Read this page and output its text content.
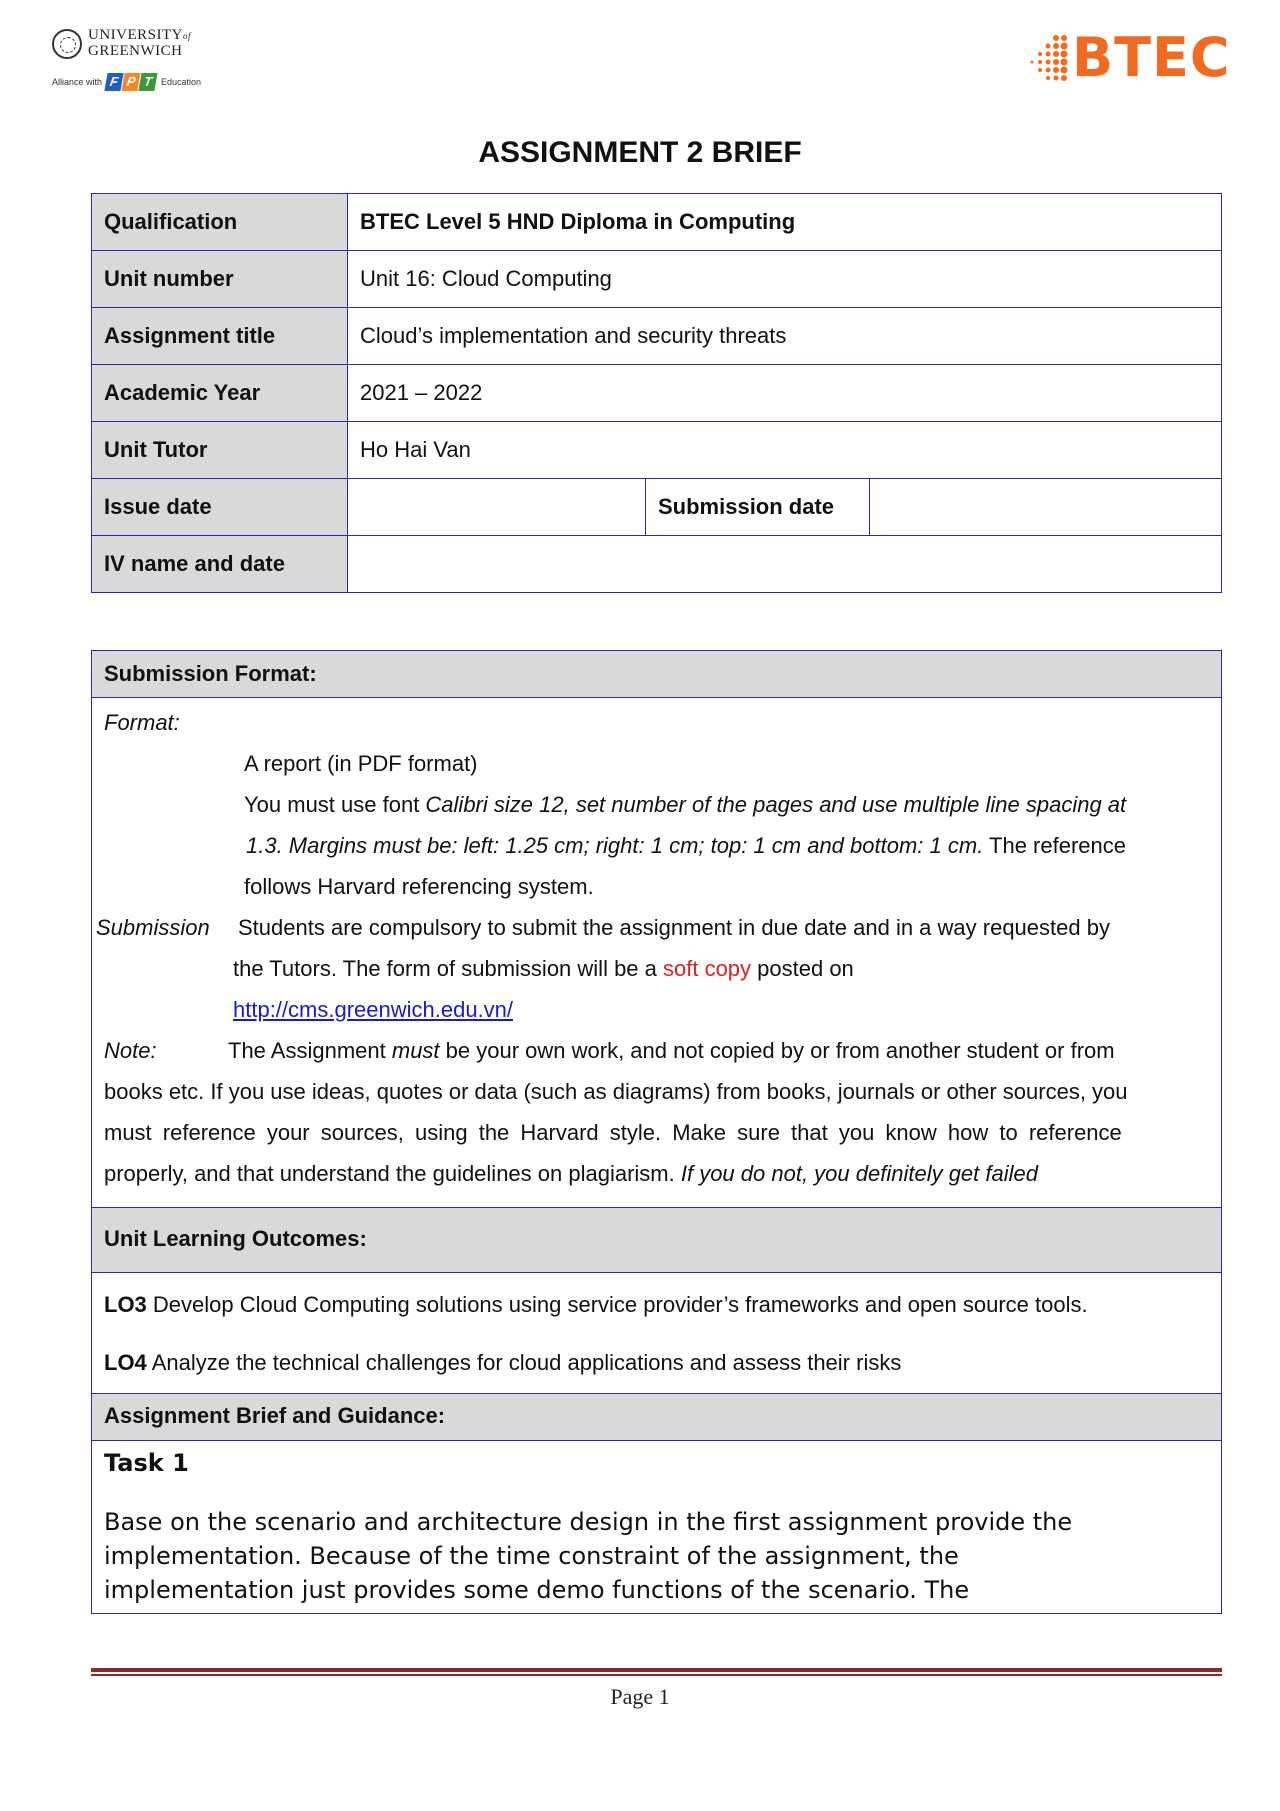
UNIVERSITYof
GREENWICH
Alliance with F P T Education	BTEC
ASSIGNMENT 2 BRIEF
Qualification	BTEC Level 5 HND Diploma in Computing		
Unit number	Unit 16: Cloud Computing		
Assignment title	Cloud’s implementation and security threats		
Academic Year	2021 – 2022		
Unit Tutor	Ho Hai Van		
Issue date		Submission date	
IV name and date			
Submission Format:
Format:
A report (in PDF format)
You must use font Calibri size 12, set number of the pages and use multiple line spacing at
1.3. Margins must be: left: 1.25 cm; right: 1 cm; top: 1 cm and bottom: 1 cm. The reference
follows Harvard referencing system.
Submission Students are compulsory to submit the assignment in due date and in a way requested by
the Tutors. The form of submission will be a soft copy posted on
http://cms.greenwich.edu.vn/
Note:	The Assignment must be your own work, and not copied by or from another student or from
books etc. If you use ideas, quotes or data (such as diagrams) from books, journals or other sources, you
must reference your sources, using the Harvard style. Make sure that you know how to reference
properly, and that understand the guidelines on plagiarism. If you do not, you definitely get failed
Unit Learning Outcomes:
LO3 Develop Cloud Computing solutions using service provider’s frameworks and open source tools.
LO4 Analyze the technical challenges for cloud applications and assess their risks
Assignment Brief and Guidance:
Task 1
Base on the scenario and architecture design in the first assignment provide the
implementation. Because of the time constraint of the assignment, the
implementation just provides some demo functions of the scenario. The
Page 1
